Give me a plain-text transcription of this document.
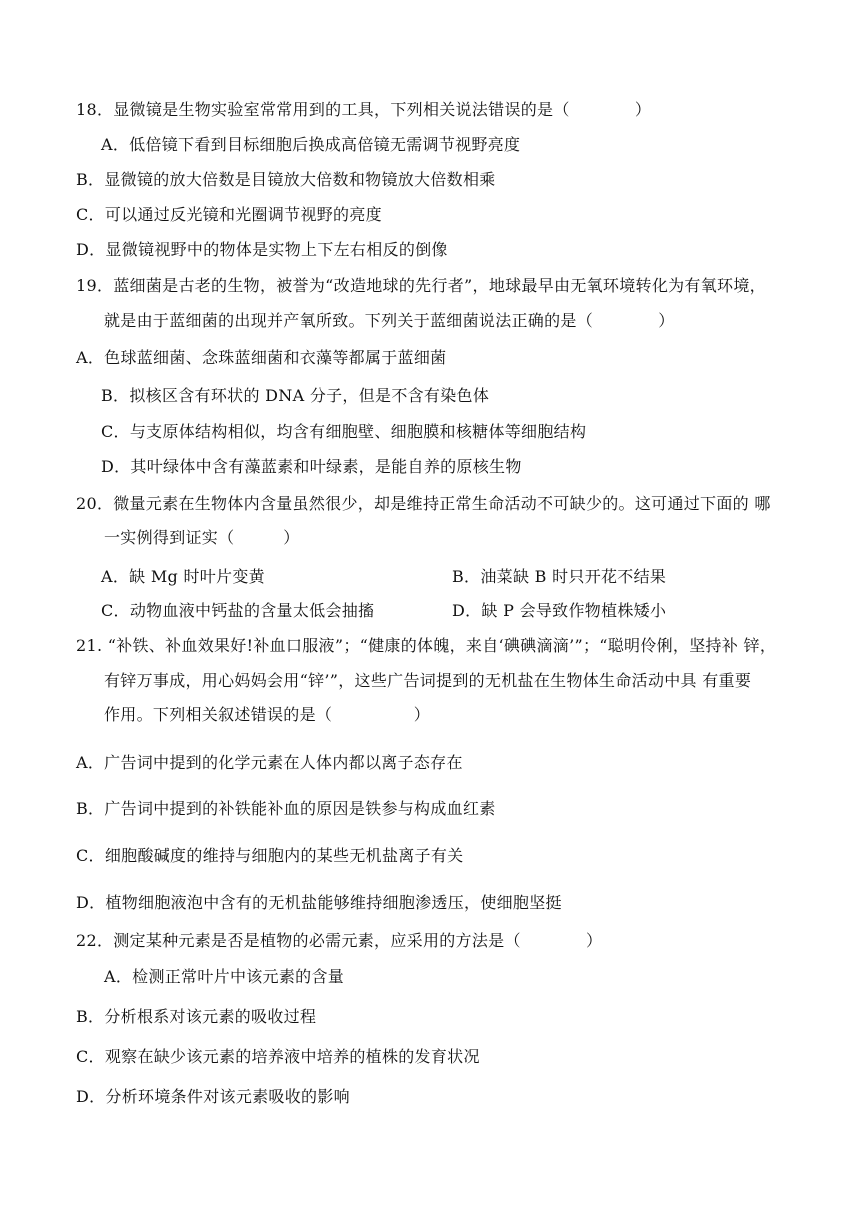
18．显微镜是生物实验室常常用到的工具，下列相关说法错误的是（　　　　）
A．低倍镜下看到目标细胞后换成高倍镜无需调节视野亮度
B．显微镜的放大倍数是目镜放大倍数和物镜放大倍数相乘
C．可以通过反光镜和光圈调节视野的亮度
D．显微镜视野中的物体是实物上下左右相反的倒像
19．蓝细菌是古老的生物，被誉为“改造地球的先行者”，地球最早由无氧环境转化为有氧环境，
就是由于蓝细菌的出现并产氧所致。下列关于蓝细菌说法正确的是（　　　　）
A．色球蓝细菌、念珠蓝细菌和衣藻等都属于蓝细菌
B．拟核区含有环状的 DNA 分子，但是不含有染色体
C．与支原体结构相似，均含有细胞壁、细胞膜和核糖体等细胞结构
D．其叶绿体中含有藻蓝素和叶绿素，是能自养的原核生物
20．微量元素在生物体内含量虽然很少，却是维持正常生命活动不可缺少的。这可通过下面的 哪
一实例得到证实（　　　）
A．缺 Mg 时叶片变黄	B．油菜缺 B 时只开花不结果
C．动物血液中钙盐的含量太低会抽搐	D．缺 P 会导致作物植株矮小
21. “补铁、补血效果好!补血口服液”；“健康的体魄，来自‘碘碘滴滴’”；“聪明伶俐，坚持补 锌，
有锌万事成，用心妈妈会用“锌’”，这些广告词提到的无机盐在生物体生命活动中具 有重要
作用。下列相关叙述错误的是（　　　　　）
A．广告词中提到的化学元素在人体内都以离子态存在
B．广告词中提到的补铁能补血的原因是铁参与构成血红素
C．细胞酸碱度的维持与细胞内的某些无机盐离子有关
D．植物细胞液泡中含有的无机盐能够维持细胞渗透压，使细胞坚挺
22．测定某种元素是否是植物的必需元素，应采用的方法是（　　　　）
A．检测正常叶片中该元素的含量
B．分析根系对该元素的吸收过程
C．观察在缺少该元素的培养液中培养的植株的发育状况
D．分析环境条件对该元素吸收的影响
